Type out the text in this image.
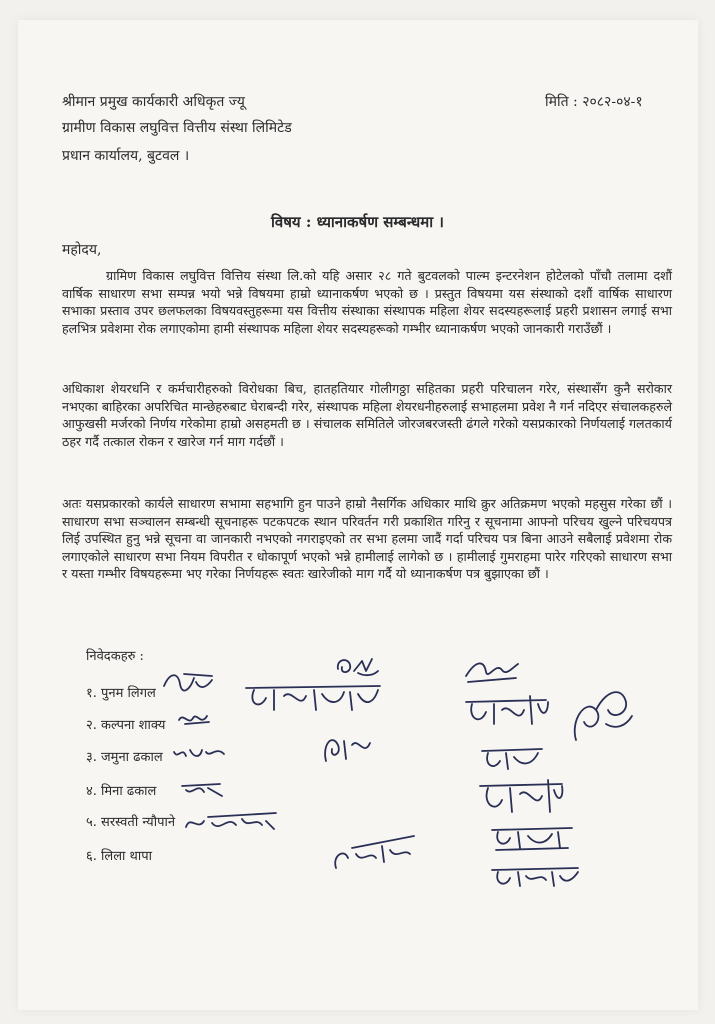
श्रीमान प्रमुख कार्यकारी अधिकृत ज्यू
ग्रामीण विकास लघुवित्त वित्तीय संस्था लिमिटेड
प्रधान कार्यालय, बुटवल ।
मिति : २०८२-०४-१
विषय : ध्यानाकर्षण सम्बन्धमा ।
महोदय,
ग्रामिण विकास लघुवित्त वित्तिय संस्था लि.को यहि असार २८ गते बुटवलको पाल्म इन्टरनेशन होटेलको पाँचौ तलामा दशौं वार्षिक साधारण सभा सम्पन्न भयो भन्ने विषयमा हाम्रो ध्यानाकर्षण भएको छ । प्रस्तुत विषयमा यस संस्थाको दशौं वार्षिक साधारण सभाका प्रस्ताव उपर छलफलका विषयवस्तुहरूमा यस वित्तीय संस्थाका संस्थापक महिला शेयर सदस्यहरूलाई प्रहरी प्रशासन लगाई सभा हलभित्र प्रवेशमा रोक लगाएकोमा हामी संस्थापक महिला शेयर सदस्यहरूको गम्भीर ध्यानाकर्षण भएको जानकारी गराउँछौं ।
अधिकाश शेयरधनि र कर्मचारीहरुको विरोधका बिच, हातहतियार गोलीगठ्ठा सहितका प्रहरी परिचालन गरेर, संस्थासँग कुनै सरोकार नभएका बाहिरका अपरिचित मान्छेहरुबाट घेराबन्दी गरेर, संस्थापक महिला शेयरधनीहरुलाई सभाहलमा प्रवेश नै गर्न नदिएर संचालकहरुले आफुखसी मर्जरको निर्णय गरेकोमा हाम्रो असहमती छ । संचालक समितिले जोरजबरजस्ती ढंगले गरेको यसप्रकारको निर्णयलाई गलतकार्य ठहर गर्दै तत्काल रोकन र खारेज गर्न माग गर्दछौं ।
अतः यसप्रकारको कार्यले साधारण सभामा सहभागि हुन पाउने हाम्रो नैसर्गिक अधिकार माथि क्रुर अतिक्रमण भएको महसुस गरेका छौं । साधारण सभा सञ्चालन सम्बन्धी सूचनाहरू पटकपटक स्थान परिवर्तन गरी प्रकाशित गरिनु र सूचनामा आफ्नो परिचय खुल्ने परिचयपत्र लिई उपस्थित हुनु भन्ने सूचना वा जानकारी नभएको नगराइएको तर सभा हलमा जादैं गर्दा परिचय पत्र बिना आउने सबैलाई प्रवेशमा रोक लगाएकोले साधारण सभा नियम विपरीत र धोकापूर्ण भएको भन्ने हामीलाई लागेको छ । हामीलाई गुमराहमा पारेर गरिएको साधारण सभा र यस्ता गम्भीर विषयहरूमा भए गरेका निर्णयहरू स्वतः खारेजीको माग गर्दै यो ध्यानाकर्षण पत्र बुझाएका छौं ।
निवेदकहरु :
१. पुनम लिगल
२. कल्पना शाक्य
३. जमुना ढकाल
४. मिना ढकाल
५. सरस्वती न्यौपाने
६. लिला थापा
